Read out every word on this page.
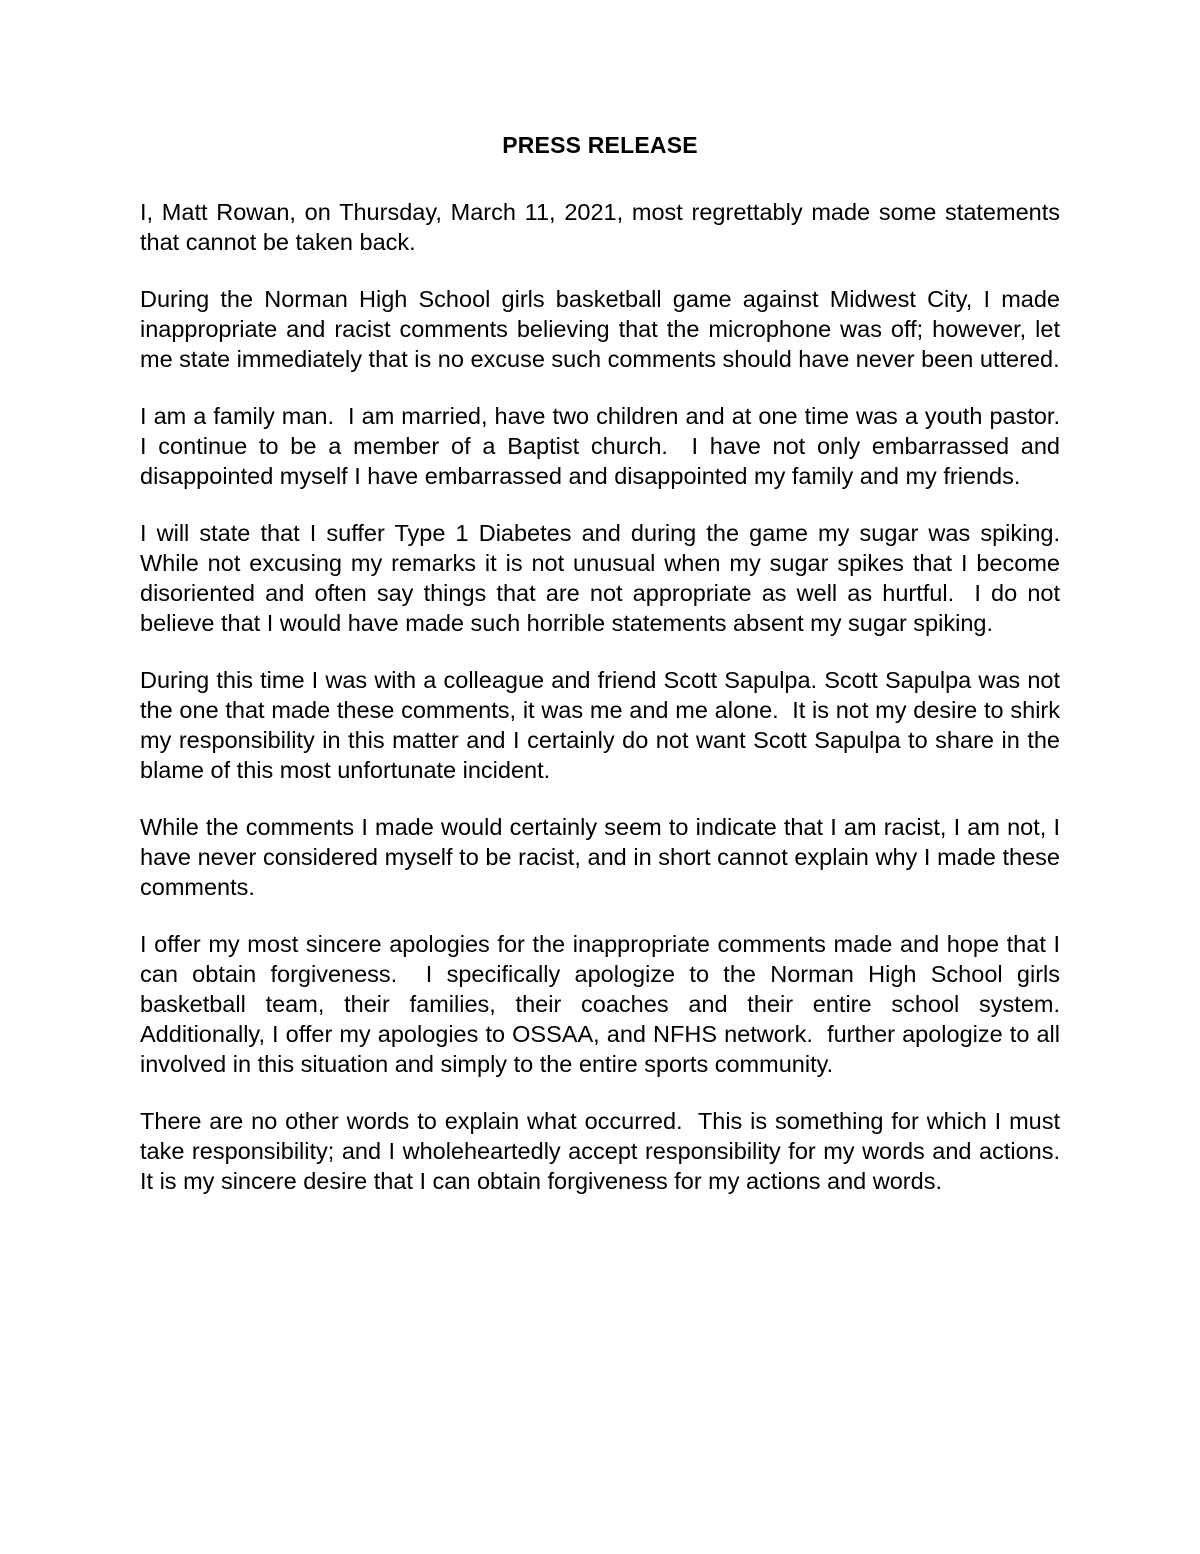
PRESS RELEASE

I, Matt Rowan, on Thursday, March 11, 2021, most regrettably made some statements that cannot be taken back.

During the Norman High School girls basketball game against Midwest City, I made inappropriate and racist comments believing that the microphone was off; however, let me state immediately that is no excuse such comments should have never been uttered.

I am a family man.  I am married, have two children and at one time was a youth pastor. I continue to be a member of a Baptist church.  I have not only embarrassed and disappointed myself I have embarrassed and disappointed my family and my friends.

I will state that I suffer Type 1 Diabetes and during the game my sugar was spiking. While not excusing my remarks it is not unusual when my sugar spikes that I become disoriented and often say things that are not appropriate as well as hurtful.  I do not believe that I would have made such horrible statements absent my sugar spiking.

During this time I was with a colleague and friend Scott Sapulpa. Scott Sapulpa was not the one that made these comments, it was me and me alone.  It is not my desire to shirk my responsibility in this matter and I certainly do not want Scott Sapulpa to share in the blame of this most unfortunate incident.

While the comments I made would certainly seem to indicate that I am racist, I am not, I have never considered myself to be racist, and in short cannot explain why I made these comments.

I offer my most sincere apologies for the inappropriate comments made and hope that I can obtain forgiveness.  I specifically apologize to the Norman High School girls basketball team, their families, their coaches and their entire school system.  Additionally, I offer my apologies to OSSAA, and NFHS network.  further apologize to all involved in this situation and simply to the entire sports community.

There are no other words to explain what occurred.  This is something for which I must take responsibility; and I wholeheartedly accept responsibility for my words and actions. It is my sincere desire that I can obtain forgiveness for my actions and words.
